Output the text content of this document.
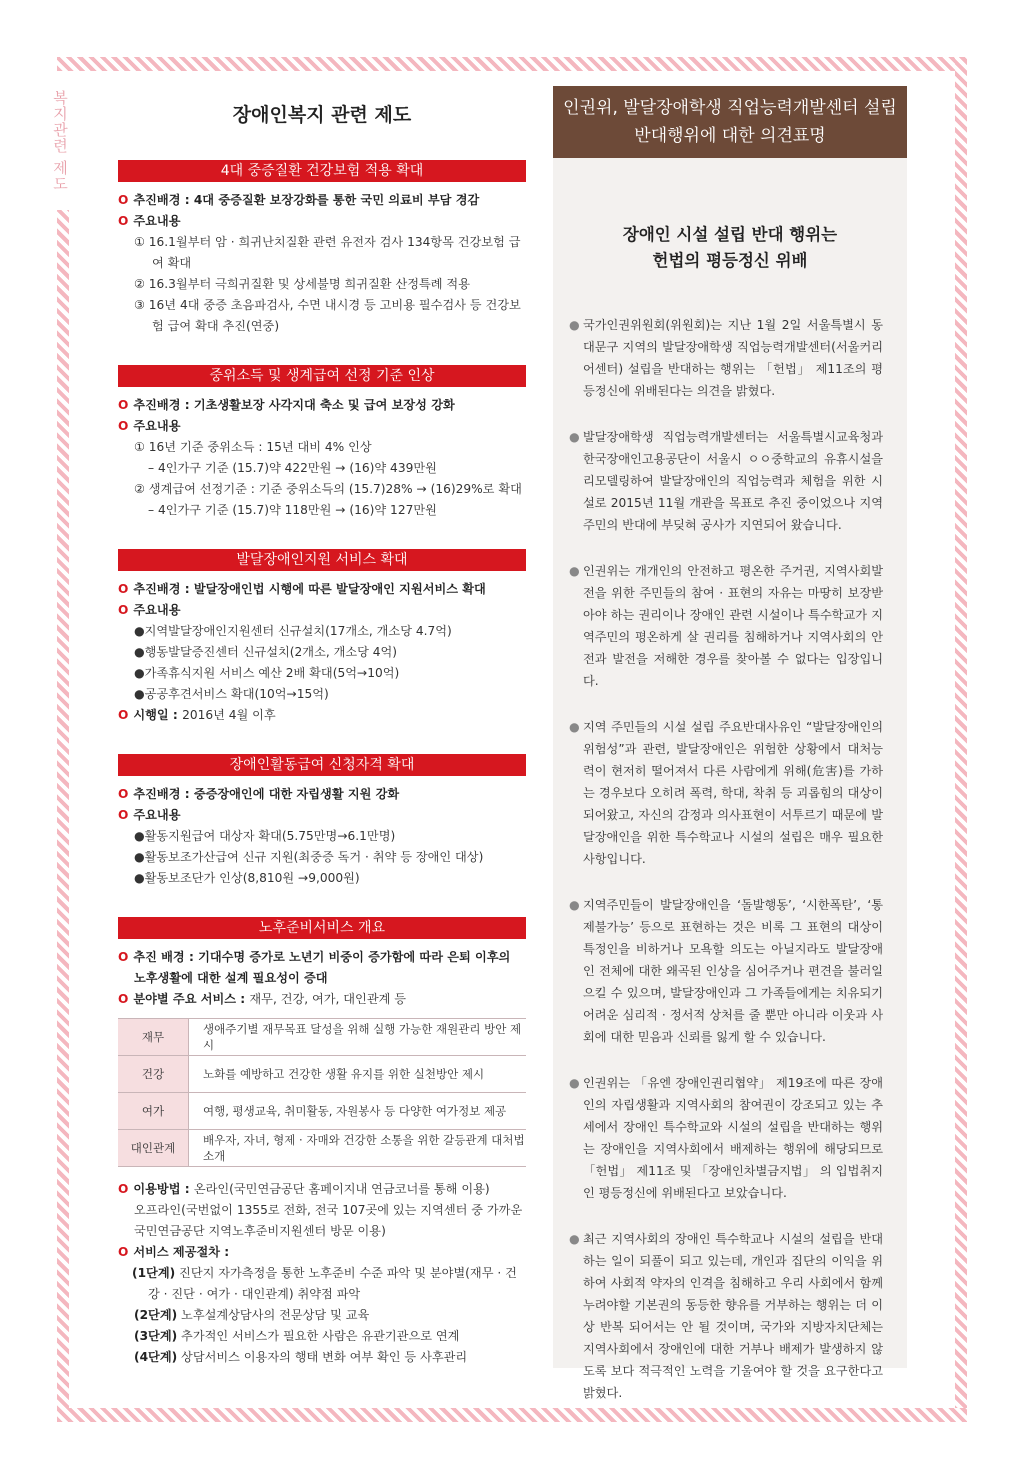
복지관련 제도	장애인복지 관련 제도
4대 중증질환 건강보험 적용 확대
O 추진배경 : 4대 중증질환 보장강화를 통한 국민 의료비 부담 경감
O 주요내용
① 16.1월부터 암 · 희귀난치질환 관련 유전자 검사 134항목 건강보험 급여 확대
② 16.3월부터 극희귀질환 및 상세불명 희귀질환 산정특례 적용
③ 16년 4대 중증 초음파검사, 수면 내시경 등 고비용 필수검사 등 건강보험 급여 확대 추진(연중)
중위소득 및 생계급여 선정 기준 인상
O 추진배경 : 기초생활보장 사각지대 축소 및 급여 보장성 강화
O 주요내용
① 16년 기준 중위소득 : 15년 대비 4% 인상
– 4인가구 기준 (15.7)약 422만원 → (16)약 439만원
② 생계급여 선정기준 : 기준 중위소득의 (15.7)28% → (16)29%로 확대
– 4인가구 기준 (15.7)약 118만원 → (16)약 127만원
발달장애인지원 서비스 확대
O 추진배경 : 발달장애인법 시행에 따른 발달장애인 지원서비스 확대
O 주요내용
●지역발달장애인지원센터 신규설치(17개소, 개소당 4.7억)
●행동발달증진센터 신규설치(2개소, 개소당 4억)
●가족휴식지원 서비스 예산 2배 확대(5억→10억)
●공공후견서비스 확대(10억→15억)
O 시행일 : 2016년 4월 이후
장애인활동급여 신청자격 확대
O 추진배경 : 중증장애인에 대한 자립생활 지원 강화
O 주요내용
●활동지원급여 대상자 확대(5.75만명→6.1만명)
●활동보조가산급여 신규 지원(최중증 독거 · 취약 등 장애인 대상)
●활동보조단가 인상(8,810원 →9,000원)
노후준비서비스 개요
O 추진 배경 : 기대수명 증가로 노년기 비중이 증가함에 따라 은퇴 이후의 노후생활에 대한 설계 필요성이 증대
O 분야별 주요 서비스 : 재무, 건강, 여가, 대인관계 등
재무	생애주기별 재무목표 달성을 위해 실행 가능한 재원관리 방안 제시
건강	노화를 예방하고 건강한 생활 유지를 위한 실천방안 제시
여가	여행, 평생교육, 취미활동, 자원봉사 등 다양한 여가정보 제공
대인관계	배우자, 자녀, 형제 · 자매와 건강한 소통을 위한 갈등관계 대처법 소개
O 이용방법 : 온라인(국민연금공단 홈페이지내 연금코너를 통해 이용)
오프라인(국번없이 1355로 전화, 전국 107곳에 있는 지역센터 중 가까운 국민연금공단 지역노후준비지원센터 방문 이용)
O 서비스 제공절차 :
(1단계) 진단지 자가측정을 통한 노후준비 수준 파악 및 분야별(재무 · 건강 · 진단 · 여가 · 대인관계) 취약점 파악
(2단계) 노후설계상담사의 전문상담 및 교육
(3단계) 추가적인 서비스가 필요한 사람은 유관기관으로 연계
(4단계) 상담서비스 이용자의 행태 변화 여부 확인 등 사후관리
인권위, 발달장애학생 직업능력개발센터 설립
반대행위에 대한 의견표명
장애인 시설 설립 반대 행위는
헌법의 평등정신 위배
● 국가인권위원회(위원회)는 지난 1월 2일 서울특별시 동대문구 지역의 발달장애학생 직업능력개발센터(서울커리어센터) 설립을 반대하는 행위는 「헌법」 제11조의 평등정신에 위배된다는 의견을 밝혔다.
● 발달장애학생 직업능력개발센터는 서울특별시교육청과 한국장애인고용공단이 서울시 ㅇㅇ중학교의 유휴시설을 리모델링하여 발달장애인의 직업능력과 체험을 위한 시설로 2015년 11월 개관을 목표로 추진 중이었으나 지역주민의 반대에 부딪혀 공사가 지연되어 왔습니다.
● 인권위는 개개인의 안전하고 평온한 주거권, 지역사회발전을 위한 주민들의 참여 · 표현의 자유는 마땅히 보장받아야 하는 권리이나 장애인 관련 시설이나 특수학교가 지역주민의 평온하게 살 권리를 침해하거나 지역사회의 안전과 발전을 저해한 경우를 찾아볼 수 없다는 입장입니다.
● 지역 주민들의 시설 설립 주요반대사유인 “발달장애인의 위험성”과 관련, 발달장애인은 위험한 상황에서 대처능력이 현저히 떨어져서 다른 사람에게 위해(危害)를 가하는 경우보다 오히려 폭력, 학대, 착취 등 괴롭힘의 대상이 되어왔고, 자신의 감정과 의사표현이 서투르기 때문에 발달장애인을 위한 특수학교나 시설의 설립은 매우 필요한 사항입니다.
● 지역주민들이 발달장애인을 ‘돌발행동’, ‘시한폭탄’, ‘통제불가능’ 등으로 표현하는 것은 비록 그 표현의 대상이 특정인을 비하거나 모욕할 의도는 아닐지라도 발달장애인 전체에 대한 왜곡된 인상을 심어주거나 편견을 불러일으킬 수 있으며, 발달장애인과 그 가족들에게는 치유되기 어려운 심리적 · 정서적 상처를 줄 뿐만 아니라 이웃과 사회에 대한 믿음과 신뢰를 잃게 할 수 있습니다.
● 인권위는 「유엔 장애인권리협약」 제19조에 따른 장애인의 자립생활과 지역사회의 참여권이 강조되고 있는 추세에서 장애인 특수학교와 시설의 설립을 반대하는 행위는 장애인을 지역사회에서 배제하는 행위에 해당되므로 「헌법」 제11조 및 「장애인차별금지법」 의 입법취지인 평등정신에 위배된다고 보았습니다.
● 최근 지역사회의 장애인 특수학교나 시설의 설립을 반대하는 일이 되풀이 되고 있는데, 개인과 집단의 이익을 위하여 사회적 약자의 인격을 침해하고 우리 사회에서 함께 누려야할 기본권의 동등한 향유를 거부하는 행위는 더 이상 반복 되어서는 안 될 것이며, 국가와 지방자치단체는 지역사회에서 장애인에 대한 거부나 배제가 발생하지 않도록 보다 적극적인 노력을 기울여야 할 것을 요구한다고 밝혔다.
